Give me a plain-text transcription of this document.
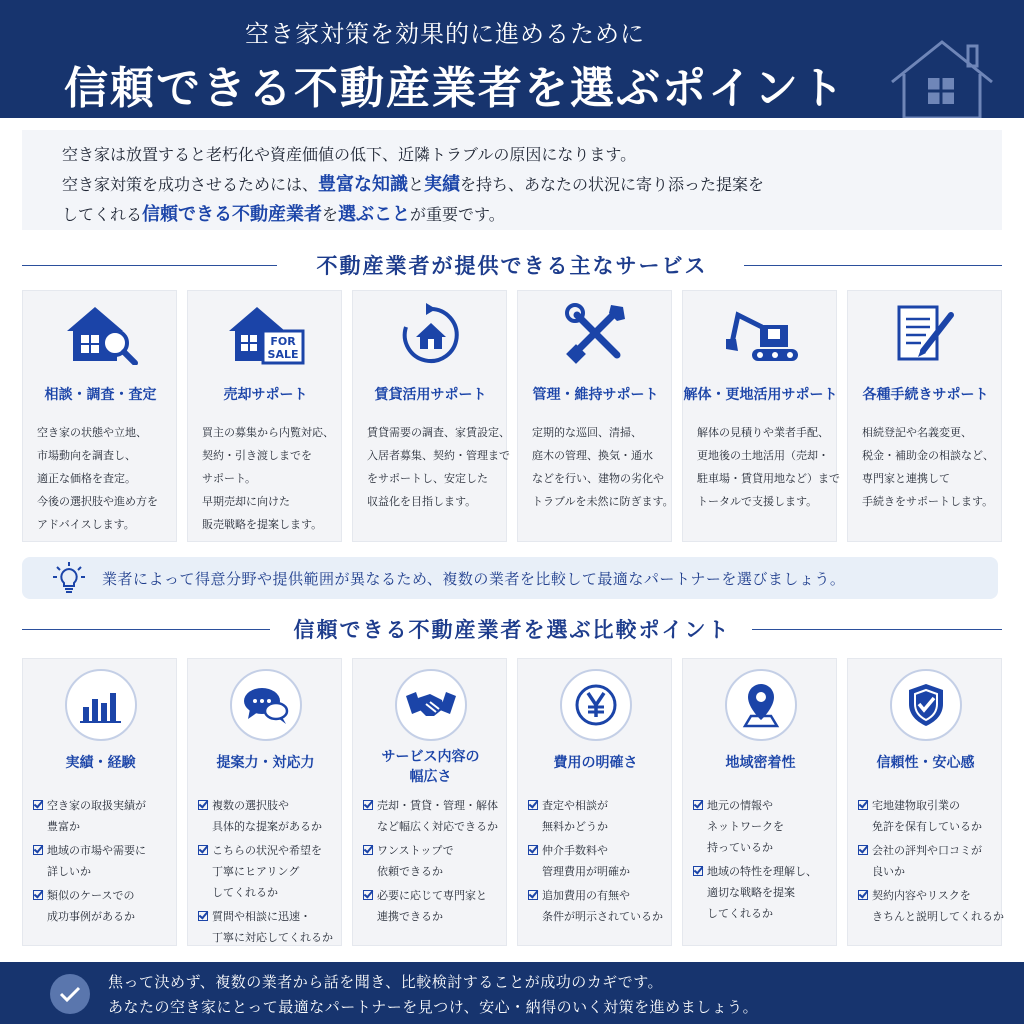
空き家対策を効果的に進めるために
信頼できる不動産業者を選ぶポイント

空き家は放置すると老朽化や資産価値の低下、近隣トラブルの原因になります。

空き家対策を成功させるためには、豊富な知識と実績を持ち、あなたの状況に寄り添った提案を

してくれる信頼できる不動産業者を選ぶことが重要です。

不動産業者が提供できる主なサービス
相談・調査・査定
空き家の状態や立地、
市場動向を調査し、
適正な価格を査定。
今後の選択肢や進め方を
アドバイスします。
FOR
SALE
売却サポート
買主の募集から内覧対応、
契約・引き渡しまでを
サポート。
早期売却に向けた
販売戦略を提案します。
賃貸活用サポート
賃貸需要の調査、家賃設定、
入居者募集、契約・管理まで
をサポートし、安定した
収益化を目指します。
管理・維持サポート
定期的な巡回、清掃、
庭木の管理、換気・通水
などを行い、建物の劣化や
トラブルを未然に防ぎます。
解体・更地活用サポート
解体の見積りや業者手配、
更地後の土地活用（売却・
駐車場・賃貸用地など）まで
トータルで支援します。
各種手続きサポート
相続登記や名義変更、
税金・補助金の相談など、
専門家と連携して
手続きをサポートします。
業者によって得意分野や提供範囲が異なるため、複数の業者を比較して最適なパートナーを選びましょう。
信頼できる不動産業者を選ぶ比較ポイント
実績・経験
空き家の取扱実績が
豊富か
地域の市場や需要に
詳しいか
類似のケースでの
成功事例があるか
提案力・対応力
複数の選択肢や
具体的な提案があるか
こちらの状況や希望を
丁寧にヒアリング
してくれるか
質問や相談に迅速・
丁寧に対応してくれるか
サービス内容の
幅広さ
売却・賃貸・管理・解体
など幅広く対応できるか
ワンストップで
依頼できるか
必要に応じて専門家と
連携できるか
費用の明確さ
査定や相談が
無料かどうか
仲介手数料や
管理費用が明確か
追加費用の有無や
条件が明示されているか
地域密着性
地元の情報や
ネットワークを
持っているか
地域の特性を理解し、
適切な戦略を提案
してくれるか
信頼性・安心感
宅地建物取引業の
免許を保有しているか
会社の評判や口コミが
良いか
契約内容やリスクを
きちんと説明してくれるか
焦って決めず、複数の業者から話を聞き、比較検討することが成功のカギです。
あなたの空き家にとって最適なパートナーを見つけ、安心・納得のいく対策を進めましょう。
